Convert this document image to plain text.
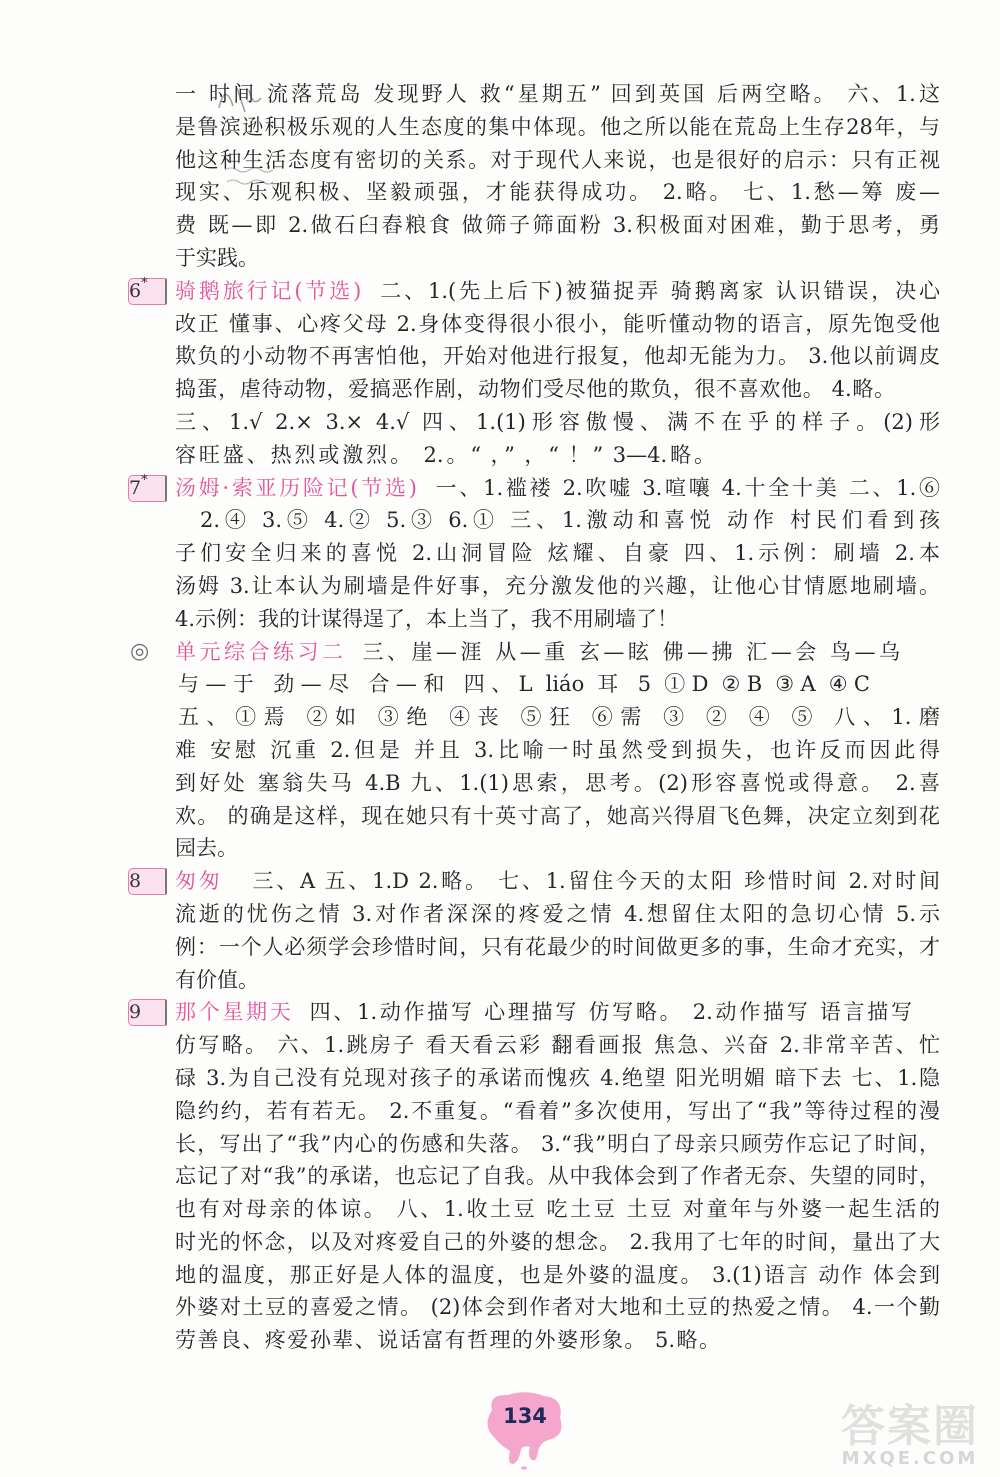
一 时间 流落荒岛 发现野人 救“星期五” 回到英国 后两空略。 六、1.这
是鲁滨逊积极乐观的人生态度的集中体现。他之所以能在荒岛上生存28年，与
他这种生活态度有密切的关系。对于现代人来说，也是很好的启示：只有正视
现实、乐观积极、坚毅顽强，才能获得成功。 2.略。 七、1.愁—筹 废—
费 既—即 2.做石臼舂粮食 做筛子筛面粉 3.积极面对困难，勤于思考，勇
于实践。
6*	骑鹅旅行记(节选) 二、1.(先上后下)被猫捉弄 骑鹅离家 认识错误，决心
改正 懂事、心疼父母 2.身体变得很小很小，能听懂动物的语言，原先饱受他
欺负的小动物不再害怕他，开始对他进行报复，他却无能为力。 3.他以前调皮
捣蛋，虐待动物，爱搞恶作剧，动物们受尽他的欺负，很不喜欢他。 4.略。
三、1.√ 2.× 3.× 4.√ 四、1.(1)形容傲慢、满不在乎的样子。(2)形
容旺盛、热烈或激烈。 2.。“ ，” ，“ ！” 3—4.略。
7*	汤姆·索亚历险记(节选) 一、1.褴褛 2.吹嘘 3.喧嚷 4.十全十美 二、1.⑥
2.④ 3.⑤ 4.② 5.③ 6.① 三、1.激动和喜悦 动作 村民们看到孩
子们安全归来的喜悦 2.山洞冒险 炫耀、自豪 四、1.示例：刷墙 2.本
汤姆 3.让本认为刷墙是件好事，充分激发他的兴趣，让他心甘情愿地刷墙。
4.示例：我的计谋得逞了，本上当了，我不用刷墙了！
◎ 单元综合练习二 三、崖—涯 从—重 玄—眩 佛—拂 汇—会 鸟—乌
与—于 劲—尽 合—和 四、L liáo 耳 5 ①D ②B ③A ④C
五、①焉 ②如 ③绝 ④丧 ⑤狂 ⑥需 ③ ② ④ ⑤ 八、1.磨
难 安慰 沉重 2.但是 并且 3.比喻一时虽然受到损失，也许反而因此得
到好处 塞翁失马 4.B 九、1.(1)思索，思考。(2)形容喜悦或得意。 2.喜
欢。 的确是这样，现在她只有十英寸高了，她高兴得眉飞色舞，决定立刻到花
园去。
8	匆匆 三、A 五、1.D 2.略。 七、1.留住今天的太阳 珍惜时间 2.对时间
流逝的忧伤之情 3.对作者深深的疼爱之情 4.想留住太阳的急切心情 5.示
例：一个人必须学会珍惜时间，只有花最少的时间做更多的事，生命才充实，才
有价值。
9	那个星期天 四、1.动作描写 心理描写 仿写略。 2.动作描写 语言描写
仿写略。 六、1.跳房子 看天看云彩 翻看画报 焦急、兴奋 2.非常辛苦、忙
碌 3.为自己没有兑现对孩子的承诺而愧疚 4.绝望 阳光明媚 暗下去 七、1.隐
隐约约，若有若无。 2.不重复。“看着”多次使用，写出了“我”等待过程的漫
长，写出了“我”内心的伤感和失落。 3.“我”明白了母亲只顾劳作忘记了时间，
忘记了对“我”的承诺，也忘记了自我。从中我体会到了作者无奈、失望的同时，
也有对母亲的体谅。 八、1.收土豆 吃土豆 土豆 对童年与外婆一起生活的
时光的怀念，以及对疼爱自己的外婆的想念。 2.我用了七年的时间，量出了大
地的温度，那正好是人体的温度，也是外婆的温度。 3.(1)语言 动作 体会到
外婆对土豆的喜爱之情。 (2)体会到作者对大地和土豆的热爱之情。 4.一个勤
劳善良、疼爱孙辈、说话富有哲理的外婆形象。 5.略。
134	答案圈
MXQE.COM
